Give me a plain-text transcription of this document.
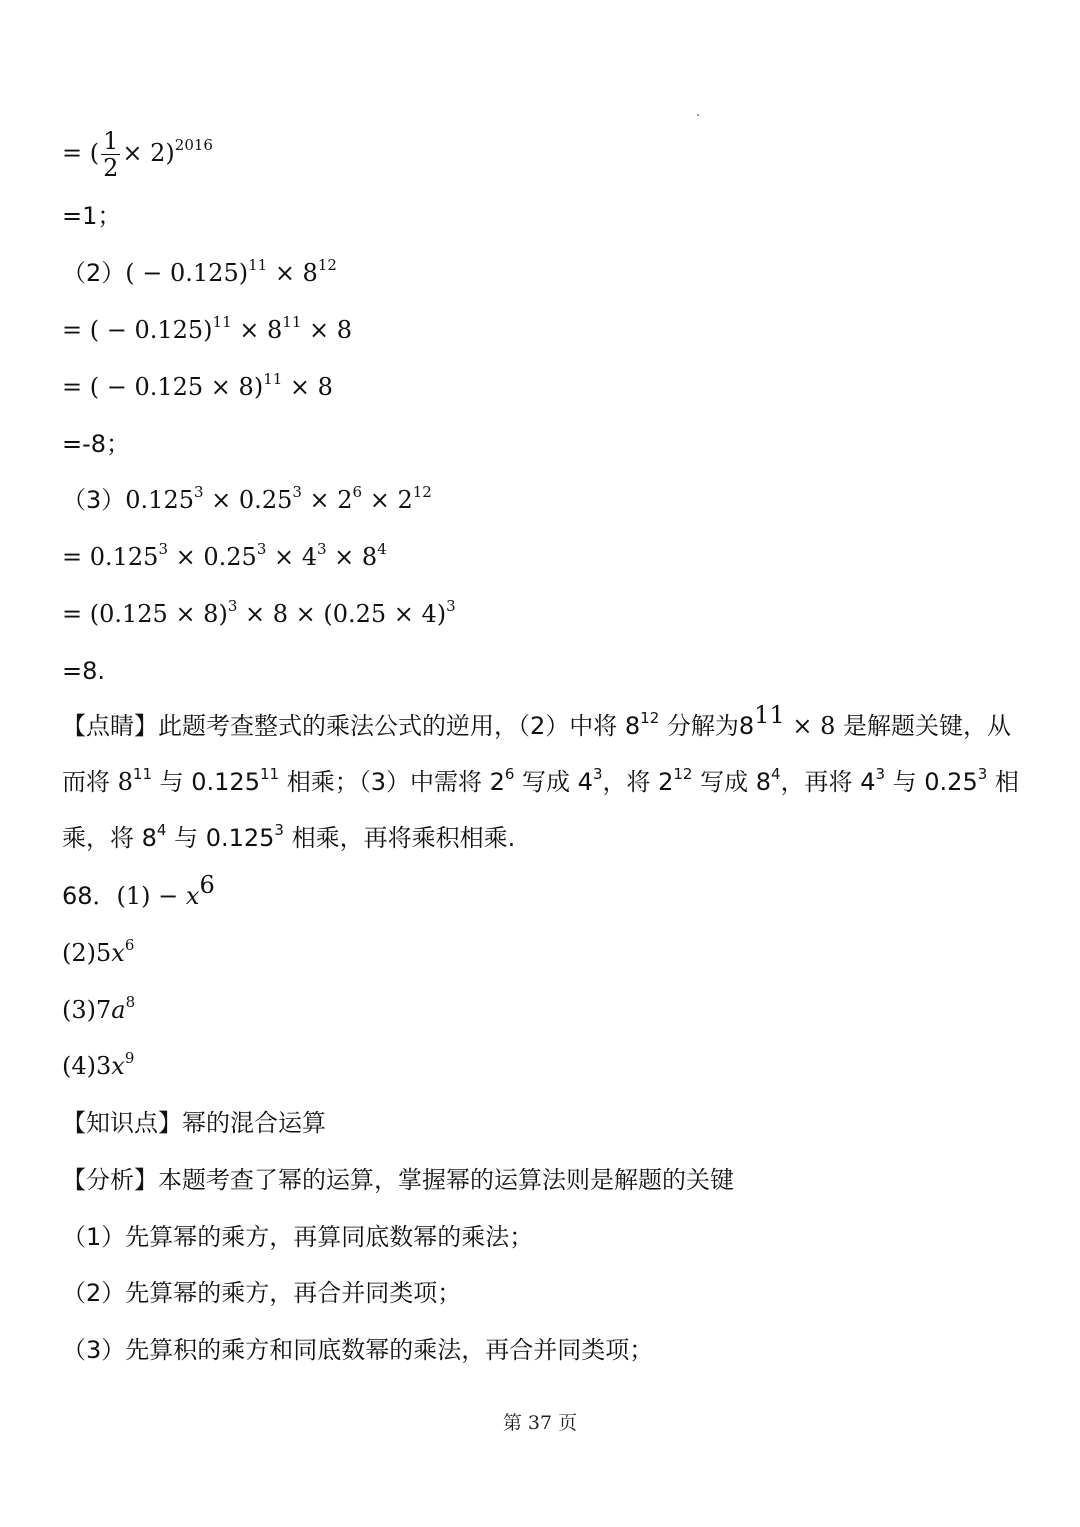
= ( $\frac{1}{2} \times 2)^{2016}$
=1；
$(2)( - 0.125)^{11} \times 8^{12}$
= ( − $0.125)^{11} \times 8^{11} \times 8$
= ( − 0.125 × 8)$^{11}$ × 8
=-8；
$(3)0.125^3 \times 0.25^3 \times 2^6 \times 2^{12}$
= $0.125^3 \times 0.25^3 \times 4^3 \times 8^4$
= $(0.125 \times 8)^3 \times 8 \times (0.25 \times 4)^3$
=8.
【点睛】此题考查整式的乘法公式的逆用，（2）中将 $8^{12}$ 分解为$8^{11} \times 8$ 是解题关键，从而将 $8^{11}$ 与 0.125$^{11}$ 相乘；（3）中需将 $2^6$ 写成 $4^3$，将 $2^{12}$ 写成 $8^4$，再将 $4^3$ 与 0.25$^3$ 相乘，将 $8^4$ 与 0.125$^3$ 相乘，再将乘积相乘.
68．$(1) - x^6$
$(2)5x^6$
$(3)7a^8$
$(4)3x^9$
【知识点】幂的混合运算
【分析】本题考查了幂的运算，掌握幂的运算法则是解题的关键
（1）先算幂的乘方，再算同底数幂的乘法；
（2）先算幂的乘方，再合并同类项；
（3）先算积的乘方和同底数幂的乘法，再合并同类项；
第 37 页
